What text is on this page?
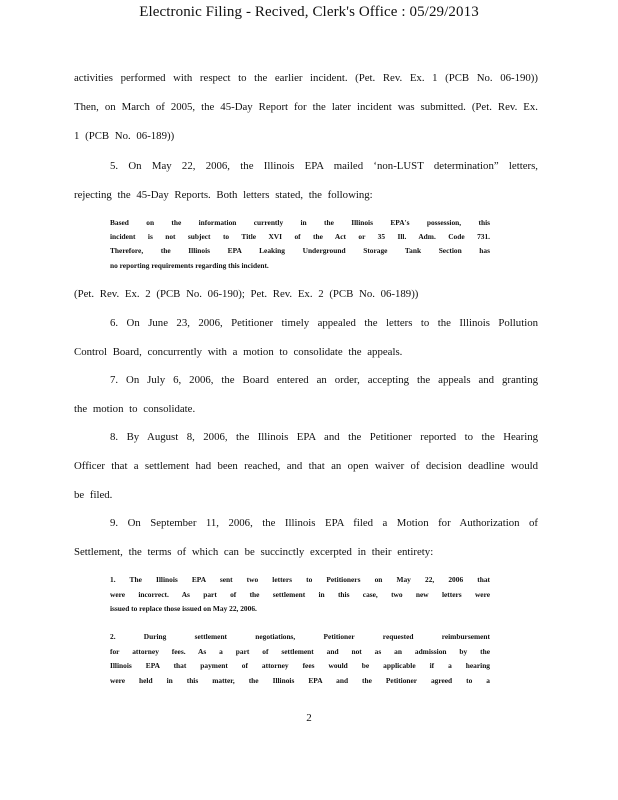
Electronic Filing - Recived, Clerk's Office : 05/29/2013
activities performed with respect to the earlier incident. (Pet. Rev. Ex. 1 (PCB No. 06-190))
Then, on March of 2005, the 45-Day Report for the later incident was submitted. (Pet. Rev. Ex.
1 (PCB No. 06-189))
5. On May 22, 2006, the Illinois EPA mailed ‘non-LUST determination” letters,
rejecting the 45-Day Reports. Both letters stated, the following:
Based on the information currently in the Illinois EPA's possession, this
incident is not subject to Title XVI of the Act or 35 Ill. Adm. Code 731.
Therefore, the Illinois EPA Leaking Underground Storage Tank Section has
no reporting requirements regarding this incident.
(Pet. Rev. Ex. 2 (PCB No. 06-190); Pet. Rev. Ex. 2 (PCB No. 06-189))
6. On June 23, 2006, Petitioner timely appealed the letters to the Illinois Pollution
Control Board, concurrently with a motion to consolidate the appeals.
7. On July 6, 2006, the Board entered an order, accepting the appeals and granting
the motion to consolidate.
8. By August 8, 2006, the Illinois EPA and the Petitioner reported to the Hearing
Officer that a settlement had been reached, and that an open waiver of decision deadline would
be filed.
9. On September 11, 2006, the Illinois EPA filed a Motion for Authorization of
Settlement, the terms of which can be succinctly excerpted in their entirety:
1. The Illinois EPA sent two letters to Petitioners on May 22, 2006 that
were incorrect. As part of the settlement in this case, two new letters were
issued to replace those issued on May 22, 2006.
2. During settlement negotiations, Petitioner requested reimbursement
for attorney fees. As a part of settlement and not as an admission by the
Illinois EPA that payment of attorney fees would be applicable if a hearing
were held in this matter, the Illinois EPA and the Petitioner agreed to a
2
